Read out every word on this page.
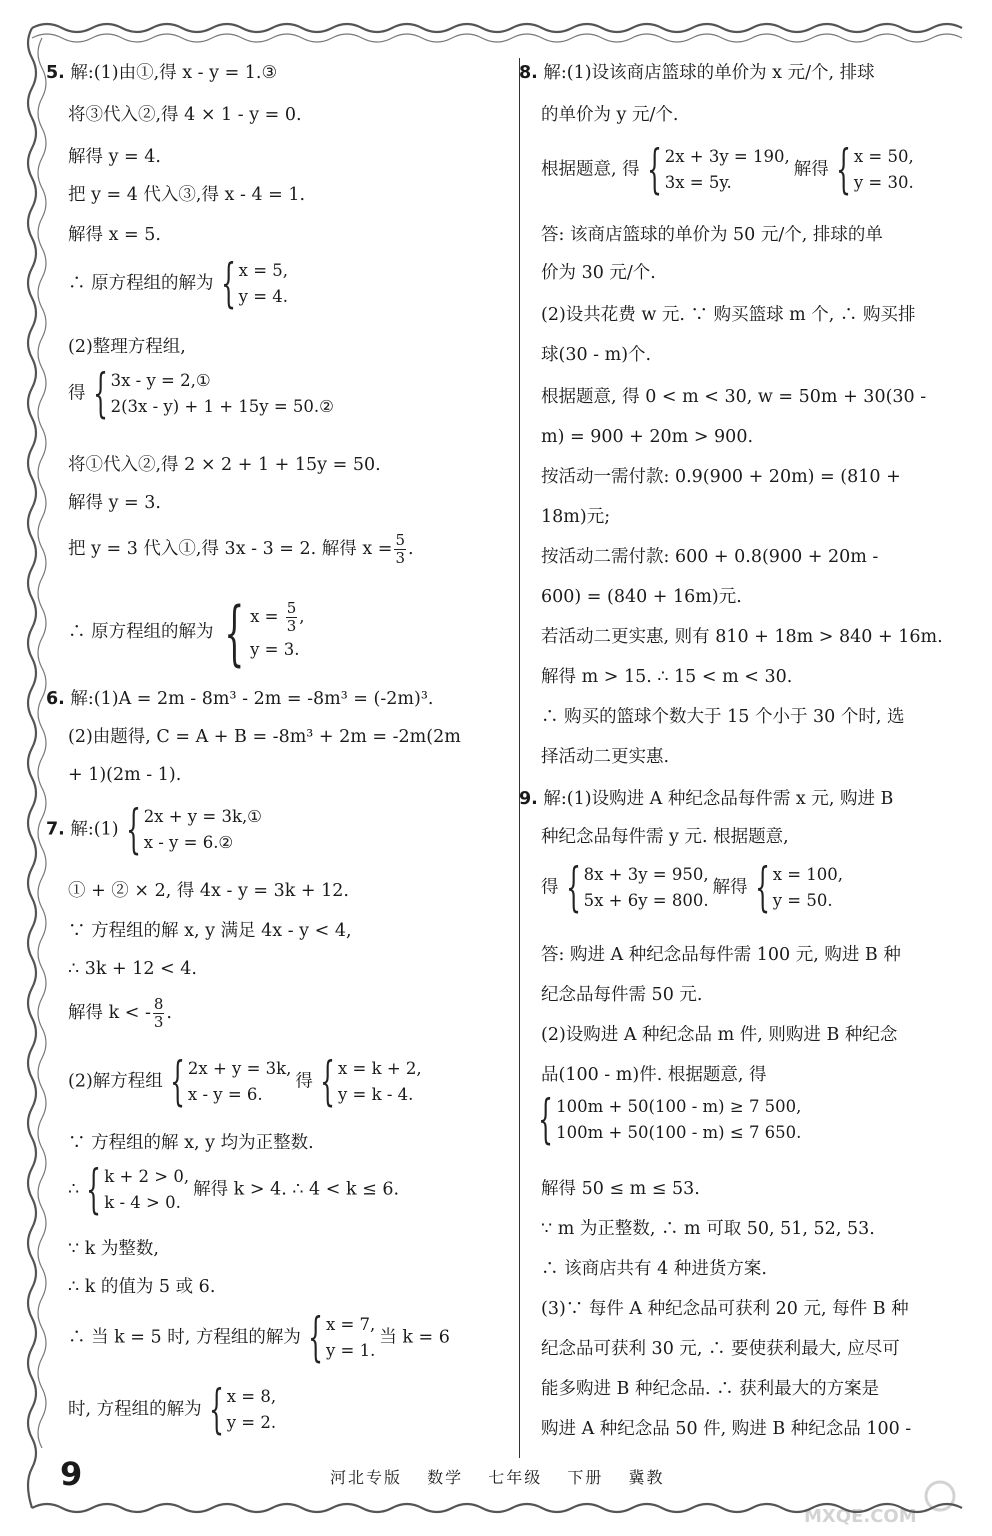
5. 解:(1)由①,得 x - y = 1.③
将③代入②,得 4 × 1 - y = 0.
解得 y = 4.
把 y = 4 代入③,得 x - 4 = 1.
解得 x = 5.
∴ 原方程组的解为 { x = 5,
y = 4.
(2)整理方程组,
得 { 3x - y = 2,①
2(3x - y) + 1 + 15y = 50.②
将①代入②,得 2 × 2 + 1 + 15y = 50.
解得 y = 3.
把 y = 3 代入①,得 3x - 3 = 2. 解得 $x = \frac{5}{3}$ .
∴ 原方程组的解为 { $x = \frac{5}{3}$ ,
y = 3.
6. 解:(1)A = 2m - 8m³ - 2m = -8m³ = (-2m)³.
(2)由题得, C = A + B = -8m³ + 2m = -2m(2m
+ 1)(2m - 1).
7. 解:(1) { 2x + y = 3k,①
x - y = 6.②
① + ② × 2, 得 4x - y = 3k + 12.
∵ 方程组的解 x, y 满足 4x - y < 4,
∴ 3k + 12 < 4.
解得 k < - $\frac{8}{3}$ .
(2)解方程组 { 2x + y = 3k,
x - y = 6.
得 { x = k + 2,
y = k - 4.
∵ 方程组的解 x, y 均为正整数.
∴ { k + 2 > 0,
k - 4 > 0.
解得 k > 4. ∴ 4 < k ≤ 6.
∵ k 为整数,
∴ k 的值为 5 或 6.
∴ 当 k = 5 时, 方程组的解为 { x = 7,
y = 1.
当 k = 6
时, 方程组的解为 { x = 8,
y = 2.
8. 解:(1)设该商店篮球的单价为 x 元/个, 排球
的单价为 y 元/个.
根据题意, 得 { 2x + 3y = 190,
3x = 5y.
解得 { x = 50,
y = 30.
答: 该商店篮球的单价为 50 元/个, 排球的单
价为 30 元/个.
(2)设共花费 w 元. ∵ 购买篮球 m 个, ∴ 购买排
球(30 - m)个.
根据题意, 得 0 < m < 30, w = 50m + 30(30 -
m) = 900 + 20m > 900.
按活动一需付款: 0.9(900 + 20m) = (810 +
18m)元;
按活动二需付款: 600 + 0.8(900 + 20m -
600) = (840 + 16m)元.
若活动二更实惠, 则有 810 + 18m > 840 + 16m.
解得 m > 15. ∴ 15 < m < 30.
∴ 购买的篮球个数大于 15 个小于 30 个时, 选
择活动二更实惠.
9. 解:(1)设购进 A 种纪念品每件需 x 元, 购进 B
种纪念品每件需 y 元. 根据题意,
得 { 8x + 3y = 950,
5x + 6y = 800.
解得 { x = 100,
y = 50.
答: 购进 A 种纪念品每件需 100 元, 购进 B 种
纪念品每件需 50 元.
(2)设购进 A 种纪念品 m 件, 则购进 B 种纪念
品(100 - m)件. 根据题意, 得
{ 100m + 50(100 - m) ≥ 7 500,
100m + 50(100 - m) ≤ 7 650.
解得 50 ≤ m ≤ 53.
∵ m 为正整数, ∴ m 可取 50, 51, 52, 53.
∴ 该商店共有 4 种进货方案.
(3)∵ 每件 A 种纪念品可获利 20 元, 每件 B 种
纪念品可获利 30 元, ∴ 要使获利最大, 应尽可
能多购进 B 种纪念品. ∴ 获利最大的方案是
购进 A 种纪念品 50 件, 购进 B 种纪念品 100 -
9	河北专版 数学 七年级 下册 冀教
MXQE.COM
